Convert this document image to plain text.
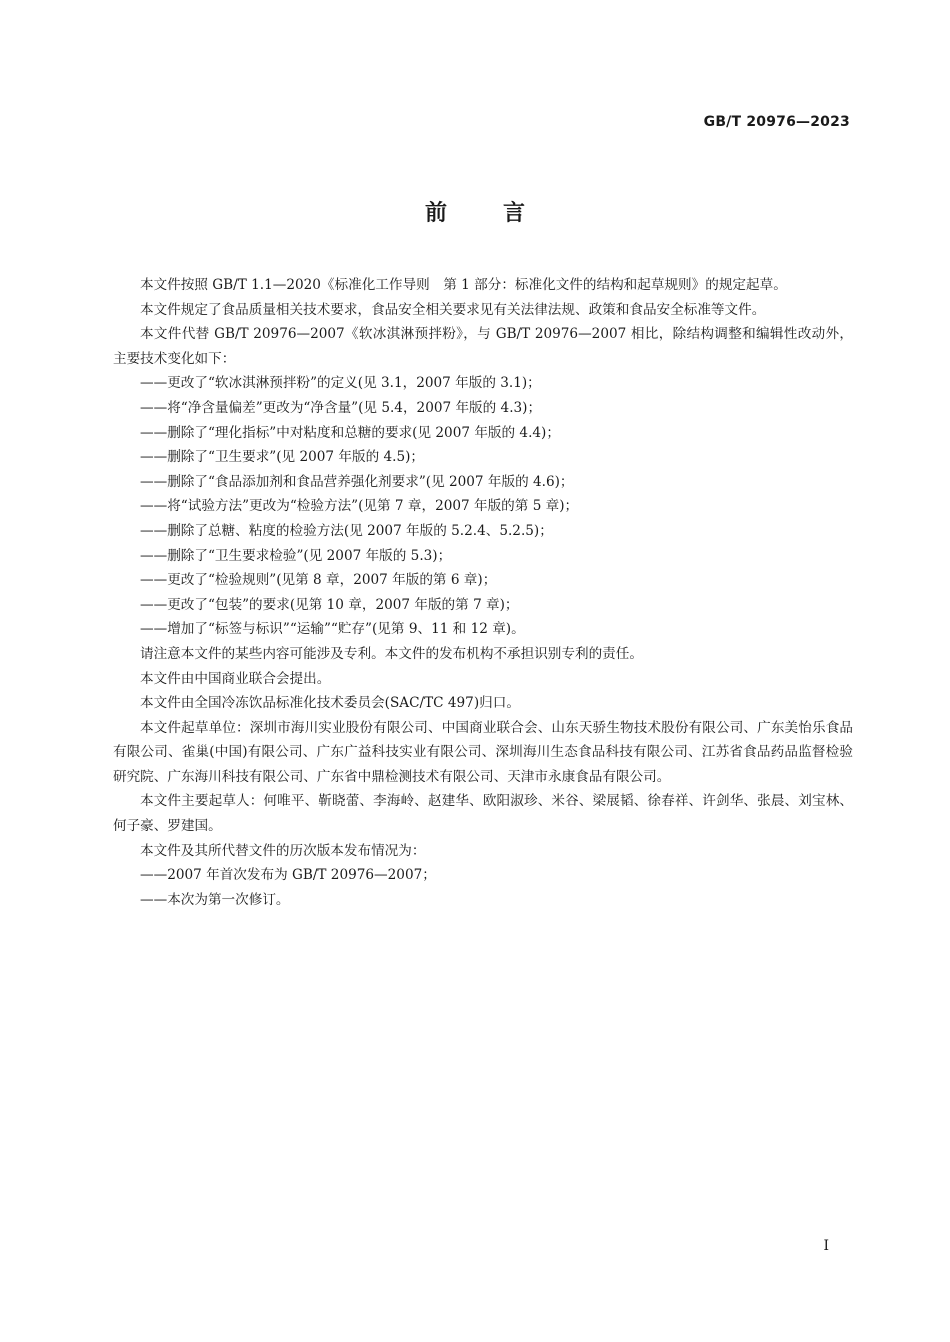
GB/T 20976—2023
前言

本文件按照 GB/T 1.1—2020《标准化工作导则　第 1 部分：标准化文件的结构和起草规则》的规定起草。

本文件规定了食品质量相关技术要求，食品安全相关要求见有关法律法规、政策和食品安全标准等文件。

本文件代替 GB/T 20976—2007《软冰淇淋预拌粉》，与 GB/T 20976—2007 相比，除结构调整和编辑性改动外，主要技术变化如下：

——更改了“软冰淇淋预拌粉”的定义(见 3.1，2007 年版的 3.1)；

——将“净含量偏差”更改为“净含量”(见 5.4，2007 年版的 4.3)；

——删除了“理化指标”中对粘度和总糖的要求(见 2007 年版的 4.4)；

——删除了“卫生要求”(见 2007 年版的 4.5)；

——删除了“食品添加剂和食品营养强化剂要求”(见 2007 年版的 4.6)；

——将“试验方法”更改为“检验方法”(见第 7 章，2007 年版的第 5 章)；

——删除了总糖、粘度的检验方法(见 2007 年版的 5.2.4、5.2.5)；

——删除了“卫生要求检验”(见 2007 年版的 5.3)；

——更改了“检验规则”(见第 8 章，2007 年版的第 6 章)；

——更改了“包装”的要求(见第 10 章，2007 年版的第 7 章)；

——增加了“标签与标识”“运输”“贮存”(见第 9、11 和 12 章)。

请注意本文件的某些内容可能涉及专利。本文件的发布机构不承担识别专利的责任。

本文件由中国商业联合会提出。

本文件由全国冷冻饮品标准化技术委员会(SAC/TC 497)归口。

本文件起草单位：深圳市海川实业股份有限公司、中国商业联合会、山东天骄生物技术股份有限公司、广东美怡乐食品有限公司、雀巢(中国)有限公司、广东广益科技实业有限公司、深圳海川生态食品科技有限公司、江苏省食品药品监督检验研究院、广东海川科技有限公司、广东省中鼎检测技术有限公司、天津市永康食品有限公司。

本文件主要起草人：何唯平、靳晓蕾、李海岭、赵建华、欧阳淑珍、米谷、梁展韬、徐春祥、许剑华、张晨、刘宝林、何子豪、罗建国。

本文件及其所代替文件的历次版本发布情况为：

——2007 年首次发布为 GB/T 20976—2007；

——本次为第一次修订。

I
